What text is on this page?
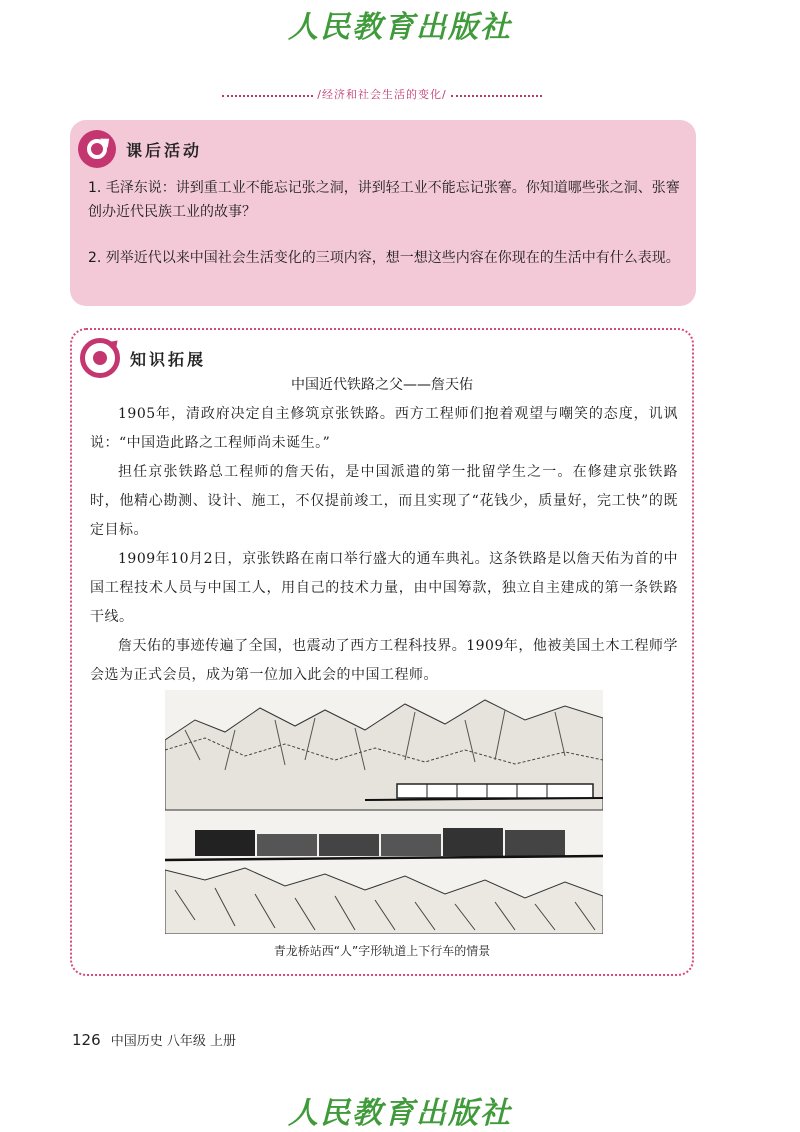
人民教育出版社
/经济和社会生活的变化/
课后活动
1. 毛泽东说：讲到重工业不能忘记张之洞，讲到轻工业不能忘记张謇。你知道哪些张之洞、张謇创办近代民族工业的故事？
2. 列举近代以来中国社会生活变化的三项内容，想一想这些内容在你现在的生活中有什么表现。
知识拓展
中国近代铁路之父——詹天佑

1905年，清政府决定自主修筑京张铁路。西方工程师们抱着观望与嘲笑的态度，讥讽说：“中国造此路之工程师尚未诞生。”

担任京张铁路总工程师的詹天佑，是中国派遣的第一批留学生之一。在修建京张铁路时，他精心勘测、设计、施工，不仅提前竣工，而且实现了“花钱少，质量好，完工快”的既定目标。

1909年10月2日，京张铁路在南口举行盛大的通车典礼。这条铁路是以詹天佑为首的中国工程技术人员与中国工人，用自己的技术力量，由中国筹款，独立自主建成的第一条铁路干线。

詹天佑的事迹传遍了全国，也震动了西方工程科技界。1909年，他被美国土木工程师学会选为正式会员，成为第一位加入此会的中国工程师。

青龙桥站西“人”字形轨道上下行车的情景
126 中国历史 八年级 上册
人民教育出版社
